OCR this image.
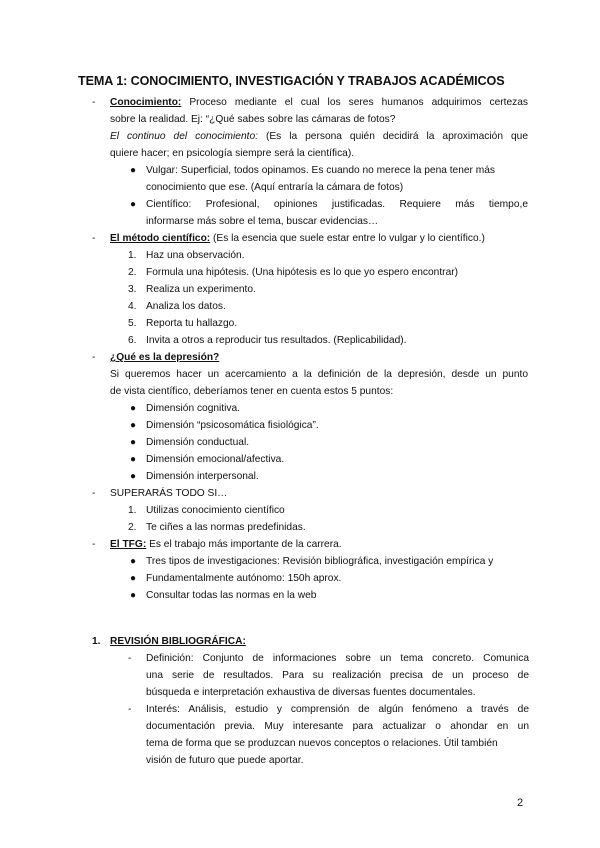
TEMA 1: CONOCIMIENTO, INVESTIGACIÓN Y TRABAJOS ACADÉMICOS
- Conocimiento: Proceso mediante el cual los seres humanos adquirimos certezas
sobre la realidad. Ej: “¿Qué sabes sobre las cámaras de fotos?
El continuo del conocimiento: (Es la persona quién decidirá la aproximación que
quiere hacer; en psicología siempre será la científica).
● Vulgar: Superficial, todos opinamos. Es cuando no merece la pena tener más
conocimiento que ese. (Aquí entraría la cámara de fotos)
● Científico: Profesional, opiniones justificadas. Requiere más tiempo,e
informarse más sobre el tema, buscar evidencias…
- El método científico: (Es la esencia que suele estar entre lo vulgar y lo científico.)
1. Haz una observación.
2. Formula una hipótesis. (Una hipótesis es lo que yo espero encontrar)
3. Realiza un experimento.
4. Analiza los datos.
5. Reporta tu hallazgo.
6. Invita a otros a reproducir tus resultados. (Replicabilidad).
- ¿Qué es la depresión?
Si queremos hacer un acercamiento a la definición de la depresión, desde un punto
de vista científico, deberíamos tener en cuenta estos 5 puntos:
● Dimensión cognitiva.
● Dimensión “psicosomática fisiológica”.
● Dimensión conductual.
● Dimensión emocional/afectiva.
● Dimensión interpersonal.
- SUPERARÁS TODO SI…
1. Utilizas conocimiento científico
2. Te ciñes a las normas predefinidas.
- El TFG: Es el trabajo más importante de la carrera.
● Tres tipos de investigaciones: Revisión bibliográfica, investigación empírica y
● Fundamentalmente autónomo: 150h aprox.
● Consultar todas las normas en la web
1. REVISIÓN BIBLIOGRÁFICA:
- Definición: Conjunto de informaciones sobre un tema concreto. Comunica
una serie de resultados. Para su realización precisa de un proceso de
búsqueda e interpretación exhaustiva de diversas fuentes documentales.
- Interés: Análisis, estudio y comprensión de algún fenómeno a través de
documentación previa. Muy interesante para actualizar o ahondar en un
tema de forma que se produzcan nuevos conceptos o relaciones. Útil también
visión de futuro que puede aportar.
2
